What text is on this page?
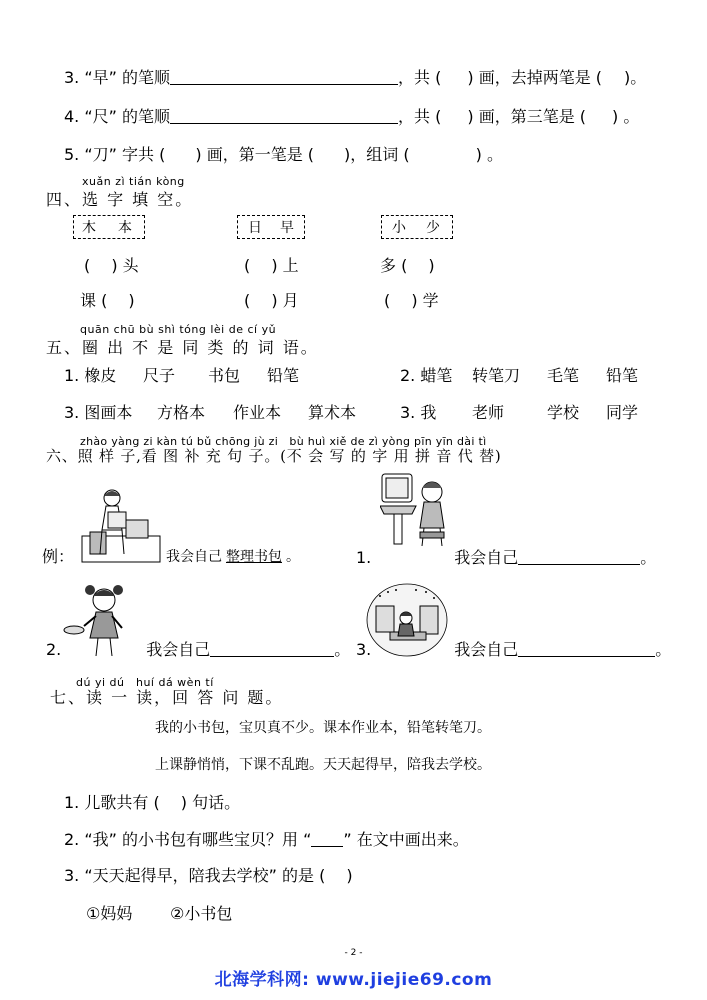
3. “早” 的笔顺	，共 ( ) 画，去掉两笔是 ( )。
4. “尺” 的笔顺	，共 ( ) 画，第三笔是 ( ) 。
5. “刀” 字共 ( ) 画，第一笔是 ( )，组词 (	) 。
xuǎn zì tián kòng
四、选 字 填 空。
木 本	日 早	小 少
(　 ) 头	(　 ) 上	多 (　 )
课 (　 )	(　 ) 月	(　 ) 学
quān chū bù shì tóng lèi de cí yǔ
五、圈 出 不 是 同 类 的 词 语。
1. 橡皮 尺子 书包 铅笔	2. 蜡笔 转笔刀 毛笔 铅笔
3. 图画本 方格本 作业本 算术本	3. 我 老师	学校 同学
zhào yàng zi kàn tú bǔ chōng jù zi　bù huì xiě de zì yòng pīn yīn dài tì
六、照 样 子,看 图 补 充 句 子。(不 会 写 的 字 用 拼 音 代 替)
例：	我会自己 整理书包 。	1.	我会自己	。
2.	我会自己	。 3.	我会自己	。
dú yi dú　huí dá wèn tí
七、读 一 读，回 答 问 题。
我的小书包，宝贝真不少。课本作业本，铅笔转笔刀。
上课静悄悄，下课不乱跑。天天起得早，陪我去学校。
1. 儿歌共有 (　 ) 句话。
2. “我” 的小书包有哪些宝贝？用 “ ” 在文中画出来。
3. “天天起得早，陪我去学校” 的是 (　 )
①妈妈 ②小书包
- 2 -
北海学科网: www.jiejie69.com
